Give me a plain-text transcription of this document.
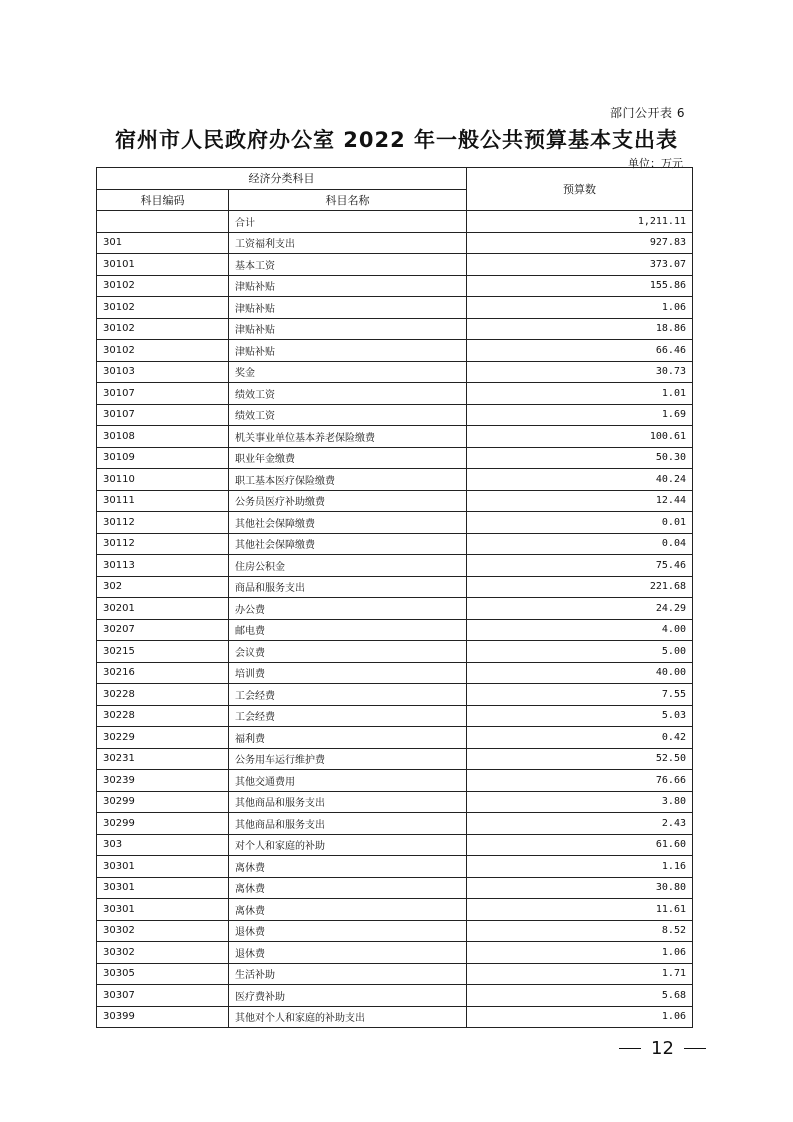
部门公开表 6
宿州市人民政府办公室 2022 年一般公共预算基本支出表
单位：万元
经济分类科目		预算数
科目编码	科目名称	
	合计	1,211.11
301	工资福利支出	927.83
30101	基本工资	373.07
30102	津贴补贴	155.86
30102	津贴补贴	1.06
30102	津贴补贴	18.86
30102	津贴补贴	66.46
30103	奖金	30.73
30107	绩效工资	1.01
30107	绩效工资	1.69
30108	机关事业单位基本养老保险缴费	100.61
30109	职业年金缴费	50.30
30110	职工基本医疗保险缴费	40.24
30111	公务员医疗补助缴费	12.44
30112	其他社会保障缴费	0.01
30112	其他社会保障缴费	0.04
30113	住房公积金	75.46
302	商品和服务支出	221.68
30201	办公费	24.29
30207	邮电费	4.00
30215	会议费	5.00
30216	培训费	40.00
30228	工会经费	7.55
30228	工会经费	5.03
30229	福利费	0.42
30231	公务用车运行维护费	52.50
30239	其他交通费用	76.66
30299	其他商品和服务支出	3.80
30299	其他商品和服务支出	2.43
303	对个人和家庭的补助	61.60
30301	离休费	1.16
30301	离休费	30.80
30301	离休费	11.61
30302	退休费	8.52
30302	退休费	1.06
30305	生活补助	1.71
30307	医疗费补助	5.68
30399	其他对个人和家庭的补助支出	1.06
12
